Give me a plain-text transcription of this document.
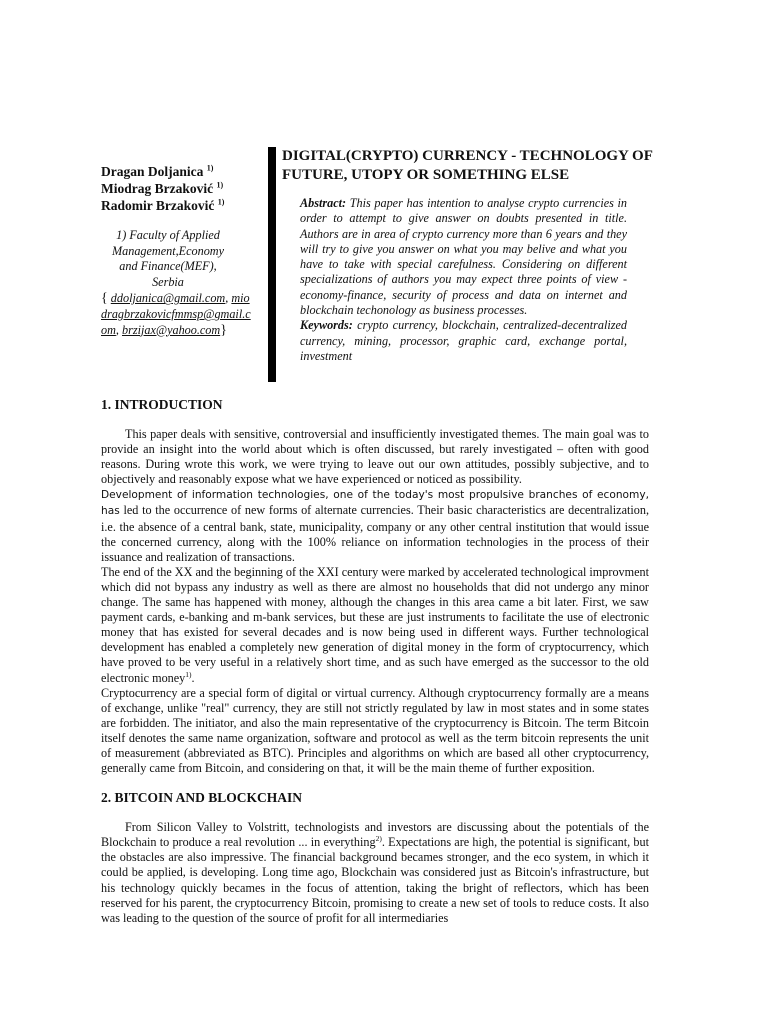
Dragan Doljanica $^{1)}$
Miodrag Brzaković $^{1)}$
Radomir Brzaković $^{1)}$
1) Faculty of Applied Management,Economy and Finance(MEF), Serbia
{ ddoljanica@gmail.com, miodragbrzakovicfmmsp@gmail.com, brzijax@yahoo.com}
DIGITAL(CRYPTO) CURRENCY - TECHNOLOGY OF FUTURE, UTOPY OR SOMETHING ELSE
Abstract: This paper has intention to analyse crypto currencies in order to attempt to give answer on doubts presented in title. Authors are in area of crypto currency more than 6 years and they will try to give you answer on what you may belive and what you have to take with special carefulness. Considering on different specializations of authors you may expect three points of view - economy-finance, security of process and data on internet and blockchain techonology as business processes.
Keywords: crypto currency, blockchain, centralized-decentralized currency, mining, processor, graphic card, exchange portal, investment
1. INTRODUCTION

This paper deals with sensitive, controversial and insufficiently investigated themes. The main goal was to provide an insight into the world about which is often discussed, but rarely investigated – often with good reasons. During wrote this work, we were trying to leave out our own attitudes, possibly subjective, and to objectively and reasonably expose what we have experienced or noticed as possibility.

Development of information technologies, one of the today's most propulsive branches of economy, has led to the occurrence of new forms of alternate currencies. Their basic characteristics are decentralization, i.e. the absence of a central bank, state, municipality, company or any other central institution that would issue the concerned currency, along with the 100% reliance on information technologies in the process of their issuance and realization of transactions.

The end of the XX and the beginning of the XXI century were marked by accelerated technological improvment which did not bypass any industry as well as there are almost no households that did not undergo any minor change. The same has happened with money, although the changes in this area came a bit later. First, we saw payment cards, e-banking and m-bank services, but these are just instruments to facilitate the use of electronic money that has existed for several decades and is now being used in different ways. Further technological development has enabled a completely new generation of digital money in the form of cryptocurrency, which have proved to be very useful in a relatively short time, and as such have emerged as the successor to the old electronic money$^{1)}$.

Cryptocurrency are a special form of digital or virtual currency. Although cryptocurrency formally are a means of exchange, unlike "real" currency, they are still not strictly regulated by law in most states and in some states are forbidden. The initiator, and also the main representative of the cryptocurrency is Bitcoin. The term Bitcoin itself denotes the same name organization, software and protocol as well as the term bitcoin represents the unit of measurement (abbreviated as BTC). Principles and algorithms on which are based all other cryptocurrency, generally came from Bitcoin, and considering on that, it will be the main theme of further exposition.

2. BITCOIN AND BLOCKCHAIN

From Silicon Valley to Volstritt, technologists and investors are discussing about the potentials of the Blockchain to produce a real revolution ... in everything$^{2)}$. Expectations are high, the potential is significant, but the obstacles are also impressive. The financial background becames stronger, and the eco system, in which it could be applied, is developing. Long time ago, Blockchain was considered just as Bitcoin's infrastructure, but his technology quickly becames in the focus of attention, taking the bright of reflectors, which has been reserved for his parent, the cryptocurrency Bitcoin, promising to create a new set of tools to reduce costs. It also was leading to the question of the source of profit for all intermediaries
